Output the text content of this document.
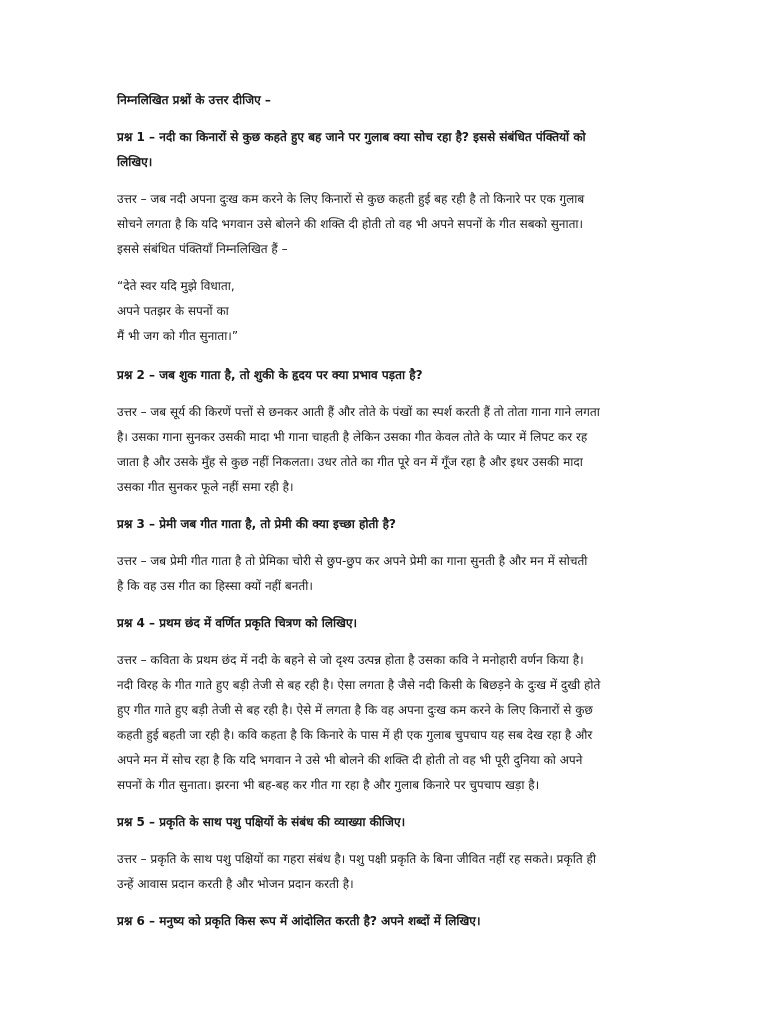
निम्नलिखित प्रश्नों के उत्तर दीजिए –
प्रश्न 1 – नदी का किनारों से कुछ कहते हुए बह जाने पर गुलाब क्या सोच रहा है? इससे संबंधित पंक्तियों को
लिखिए।
उत्तर – जब नदी अपना दुःख कम करने के लिए किनारों से कुछ कहती हुई बह रही है तो किनारे पर एक गुलाब
सोचने लगता है कि यदि भगवान उसे बोलने की शक्ति दी होती तो वह भी अपने सपनों के गीत सबको सुनाता।
इससे संबंधित पंक्तियाँ निम्नलिखित हैं –
“देते स्वर यदि मुझे विधाता,
अपने पतझर के सपनों का
मैं भी जग को गीत सुनाता।”
प्रश्न 2 – जब शुक गाता है, तो शुकी के हृदय पर क्या प्रभाव पड़ता है?
उत्तर – जब सूर्य की किरणें पत्तों से छनकर आती हैं और तोते के पंखों का स्पर्श करती हैं तो तोता गाना गाने लगता
है। उसका गाना सुनकर उसकी मादा भी गाना चाहती है लेकिन उसका गीत केवल तोते के प्यार में लिपट कर रह
जाता है और उसके मुँह से कुछ नहीं निकलता। उधर तोते का गीत पूरे वन में गूँज रहा है और इधर उसकी मादा
उसका गीत सुनकर फूले नहीं समा रही है।
प्रश्न 3 – प्रेमी जब गीत गाता है, तो प्रेमी की क्या इच्छा होती है?
उत्तर – जब प्रेमी गीत गाता है तो प्रेमिका चोरी से छुप-छुप कर अपने प्रेमी का गाना सुनती है और मन में सोचती
है कि वह उस गीत का हिस्सा क्यों नहीं बनती।
प्रश्न 4 – प्रथम छंद में वर्णित प्रकृति चित्रण को लिखिए।
उत्तर – कविता के प्रथम छंद में नदी के बहने से जो दृश्य उत्पन्न होता है उसका कवि ने मनोहारी वर्णन किया है।
नदी विरह के गीत गाते हुए बड़ी तेजी से बह रही है। ऐसा लगता है जैसे नदी किसी के बिछड़ने के दुःख में दुखी होते
हुए गीत गाते हुए बड़ी तेजी से बह रही है। ऐसे में लगता है कि वह अपना दुःख कम करने के लिए किनारों से कुछ
कहती हुई बहती जा रही है। कवि कहता है कि किनारे के पास में ही एक गुलाब चुपचाप यह सब देख रहा है और
अपने मन में सोच रहा है कि यदि भगवान ने उसे भी बोलने की शक्ति दी होती तो वह भी पूरी दुनिया को अपने
सपनों के गीत सुनाता। झरना भी बह-बह कर गीत गा रहा है और गुलाब किनारे पर चुपचाप खड़ा है।
प्रश्न 5 – प्रकृति के साथ पशु पक्षियों के संबंध की व्याख्या कीजिए।
उत्तर – प्रकृति के साथ पशु पक्षियों का गहरा संबंध है। पशु पक्षी प्रकृति के बिना जीवित नहीं रह सकते। प्रकृति ही
उन्हें आवास प्रदान करती है और भोजन प्रदान करती है।
प्रश्न 6 – मनुष्य को प्रकृति किस रूप में आंदोलित करती है? अपने शब्दों में लिखिए।
